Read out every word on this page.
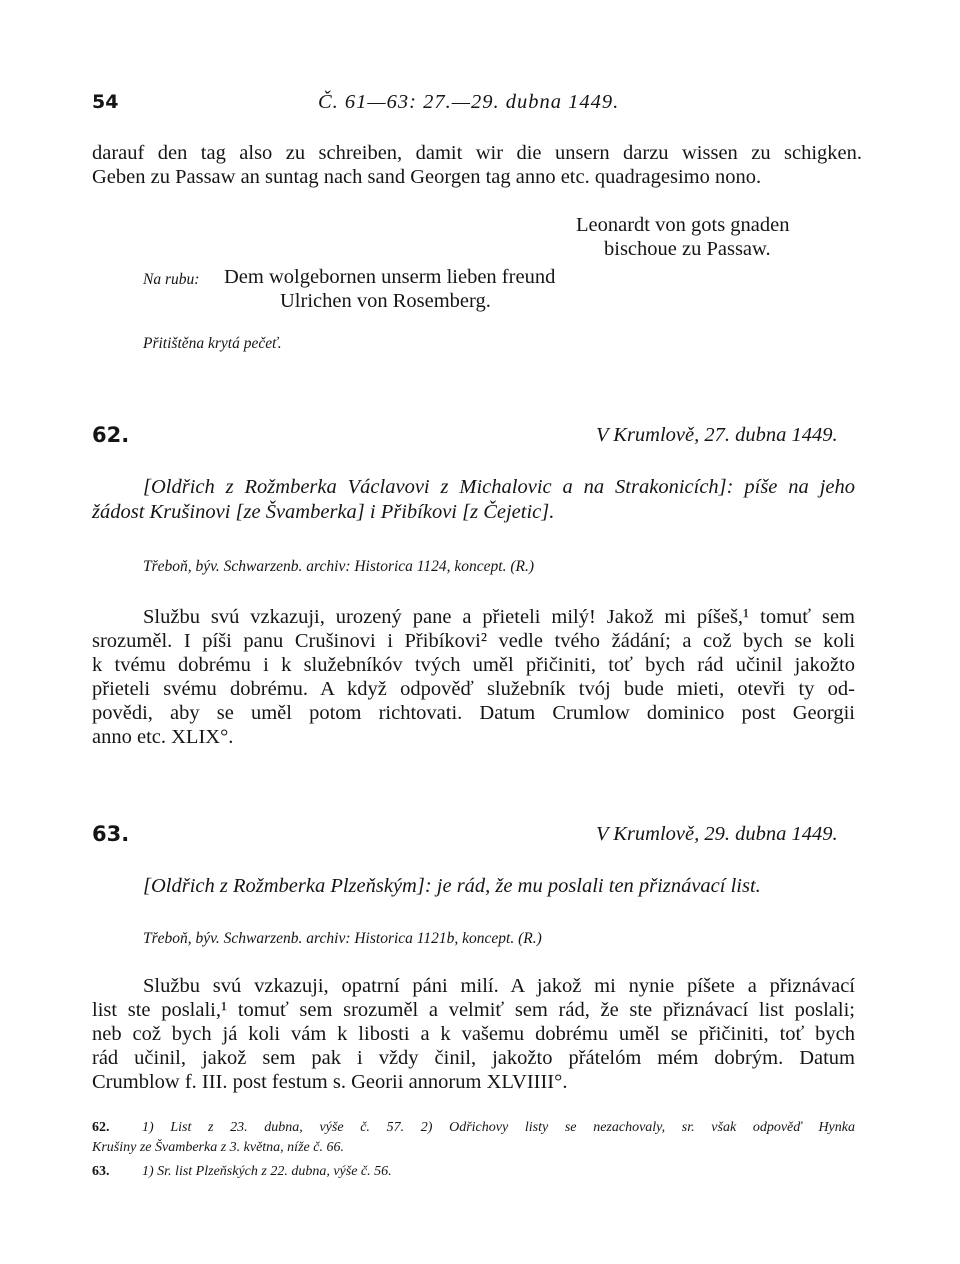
54	Č. 61—63: 27.—29. dubna 1449.
darauf den tag also zu schreiben, damit wir die unsern darzu wissen zu schigken.
Geben zu Passaw an suntag nach sand Georgen tag anno etc. quadragesimo nono.
Leonardt von gots gnaden
bischoue zu Passaw.
Na rubu: Dem wolgebornen unserm lieben freund
Ulrichen von Rosemberg.
Přitištěna krytá pečeť.
62.	V Krumlově, 27. dubna 1449.
[Oldřich z Rožmberka Václavovi z Michalovic a na Strakonicích]: píše na jeho
žádost Krušinovi [ze Švamberka] i Přibíkovi [z Čejetic].
Třeboň, býv. Schwarzenb. archiv: Historica 1124, koncept. (R.)
Službu svú vzkazuji, urozený pane a přieteli milý! Jakož mi píšeš,¹ tomuť sem
srozuměl. I píši panu Crušinovi i Přibíkovi² vedle tvého žádání; a což bych se koli
k tvému dobrému i k služebníkóv tvých uměl přičiniti, toť bych rád učinil jakožto
přieteli svému dobrému. A když odpověď služebník tvój bude mieti, otevři ty od-
povědi, aby se uměl potom richtovati. Datum Crumlow dominico post Georgii
anno etc. XLIX°.
63.	V Krumlově, 29. dubna 1449.
[Oldřich z Rožmberka Plzeňským]: je rád, že mu poslali ten přiznávací list.
Třeboň, býv. Schwarzenb. archiv: Historica 1121b, koncept. (R.)
Službu svú vzkazuji, opatrní páni milí. A jakož mi nynie píšete a přiznávací
list ste poslali,¹ tomuť sem srozuměl a velmiť sem rád, že ste přiznávací list poslali;
neb což bych já koli vám k libosti a k vašemu dobrému uměl se přičiniti, toť bych
rád učinil, jakož sem pak i vždy činil, jakožto přátelóm mém dobrým. Datum
Crumblow f. III. post festum s. Georii annorum XLVIIII°.
62. 1) List z 23. dubna, výše č. 57. 2) Odřichovy listy se nezachovaly, sr. však odpověď Hynka
Krušiny ze Švamberka z 3. května, níže č. 66.
63. 1) Sr. list Plzeňských z 22. dubna, výše č. 56.
